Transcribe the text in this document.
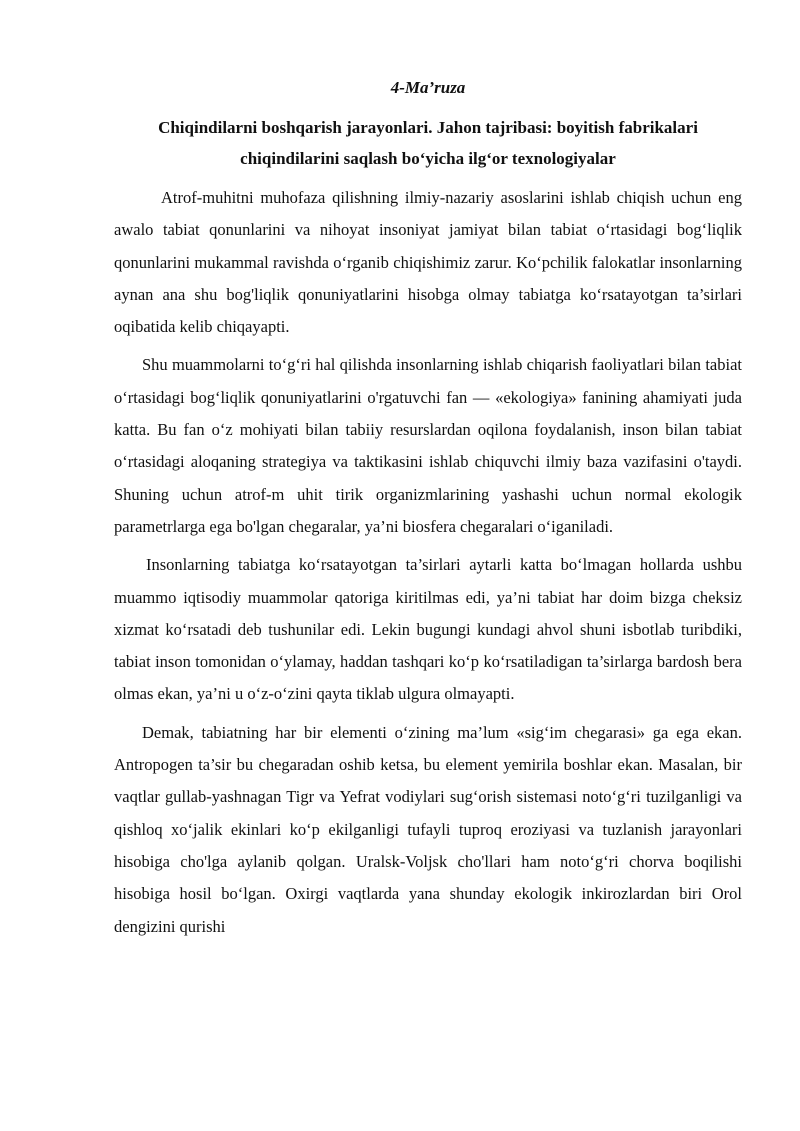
4-Ma’ruza
Chiqindilarni boshqarish jarayonlari. Jahon tajribasi: boyitish fabrikalari chiqindilarini saqlash bo‘yicha ilg‘or texnologiyalar

Atrof-muhitni muhofaza qilishning ilmiy-nazariy asoslarini ishlab chiqish uchun eng awalo tabiat qonunlarini va nihoyat insoniyat jamiyat bilan tabiat o‘rtasidagi bog‘liqlik qonunlarini mukammal ravishda o‘rganib chiqishimiz zarur. Ko‘pchilik falokatlar insonlarning aynan ana shu bog'liqlik qonuniyatlarini hisobga olmay tabiatga ko‘rsatayotgan ta’sirlari oqibatida kelib chiqayapti.

Shu muammolarni to‘g‘ri hal qilishda insonlarning ishlab chiqarish faoliyatlari bilan tabiat o‘rtasidagi bog‘liqlik qonuniyatlarini o'rgatuvchi fan — «ekologiya» fanining ahamiyati juda katta. Bu fan o‘z mohiyati bilan tabiiy resurslardan oqilona foydalanish, inson bilan tabiat o‘rtasidagi aloqaning strategiya va taktikasini ishlab chiquvchi ilmiy baza vazifasini o'taydi. Shuning uchun atrof-m uhit tirik organizmlarining yashashi uchun normal ekologik parametrlarga ega bo'lgan chegaralar, ya’ni biosfera chegaralari o‘iganiladi.

Insonlarning tabiatga ko‘rsatayotgan ta’sirlari aytarli katta bo‘lmagan hollarda ushbu muammo iqtisodiy muammolar qatoriga kiritilmas edi, ya’ni tabiat har doim bizga cheksiz xizmat ko‘rsatadi deb tushunilar edi. Lekin bugungi kundagi ahvol shuni isbotlab turibdiki, tabiat inson tomonidan o‘ylamay, haddan tashqari ko‘p ko‘rsatiladigan ta’sirlarga bardosh bera olmas ekan, ya’ni u o‘z-o‘zini qayta tiklab ulgura olmayapti.

Demak, tabiatning har bir elementi o‘zining ma’lum «sig‘im chegarasi» ga ega ekan. Antropogen ta’sir bu chegaradan oshib ketsa, bu element yemirila boshlar ekan. Masalan, bir vaqtlar gullab-yashnagan Tigr va Yefrat vodiylari sug‘orish sistemasi noto‘g‘ri tuzilganligi va qishloq xo‘jalik ekinlari ko‘p ekilganligi tufayli tuproq eroziyasi va tuzlanish jarayonlari hisobiga cho'lga aylanib qolgan. Uralsk-Voljsk cho'llari ham noto‘g‘ri chorva boqilishi hisobiga hosil bo‘lgan. Oxirgi vaqtlarda yana shunday ekologik inkirozlardan biri Orol dengizini qurishi
